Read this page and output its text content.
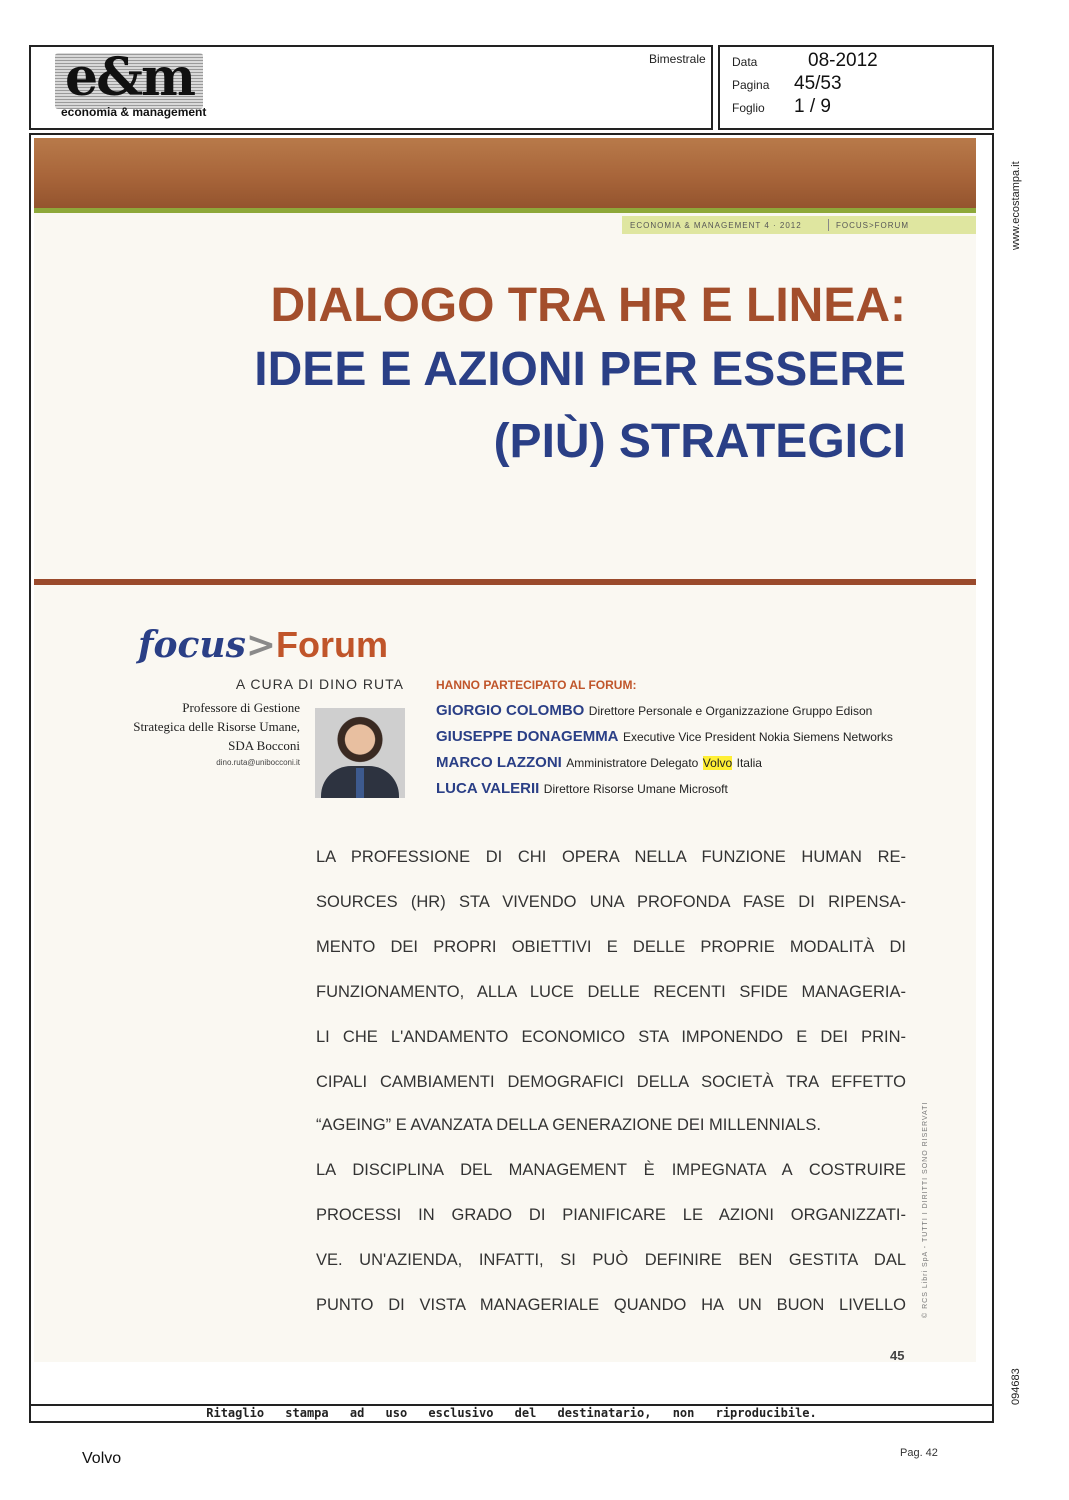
e&m
economia & management
Bimestrale Data	08-2012
Pagina 45/53
Foglio 1 / 9
www.ecostampa.it
094683
ECONOMIA & MANAGEMENT 4 · 2012	FOCUS>FORUM
DIALOGO TRA HR E LINEA:
IDEE E AZIONI PER ESSERE
(PIÙ) STRATEGICI
focus>Forum
A CURA DI DINO RUTA
Professore di Gestione
Strategica delle Risorse Umane,
SDA Bocconi
dino.ruta@unibocconi.it
HANNO PARTECIPATO AL FORUM:
GIORGIO COLOMBO Direttore Personale e Organizzazione Gruppo Edison
GIUSEPPE DONAGEMMA Executive Vice President Nokia Siemens Networks
MARCO LAZZONI Amministratore Delegato Volvo Italia
LUCA VALERII Direttore Risorse Umane Microsoft
LA PROFESSIONE DI CHI OPERA NELLA FUNZIONE HUMAN RE-
SOURCES (HR) STA VIVENDO UNA PROFONDA FASE DI RIPENSA-
MENTO DEI PROPRI OBIETTIVI E DELLE PROPRIE MODALITÀ DI
FUNZIONAMENTO, ALLA LUCE DELLE RECENTI SFIDE MANAGERIA-
LI CHE L'ANDAMENTO ECONOMICO STA IMPONENDO E DEI PRIN-
CIPALI CAMBIAMENTI DEMOGRAFICI DELLA SOCIETÀ TRA EFFETTO
“AGEING” E AVANZATA DELLA GENERAZIONE DEI MILLENNIALS.
LA DISCIPLINA DEL MANAGEMENT È IMPEGNATA A COSTRUIRE
PROCESSI IN GRADO DI PIANIFICARE LE AZIONI ORGANIZZATI-
VE. UN'AZIENDA, INFATTI, SI PUÒ DEFINIRE BEN GESTITA DAL
PUNTO DI VISTA MANAGERIALE QUANDO HA UN BUON LIVELLO © RCS Libri SpA - TUTTI I DIRITTI SONO RISERVATI
45
Ritaglio stampa ad uso esclusivo del destinatario, non riproducibile.
Volvo	Pag. 42
